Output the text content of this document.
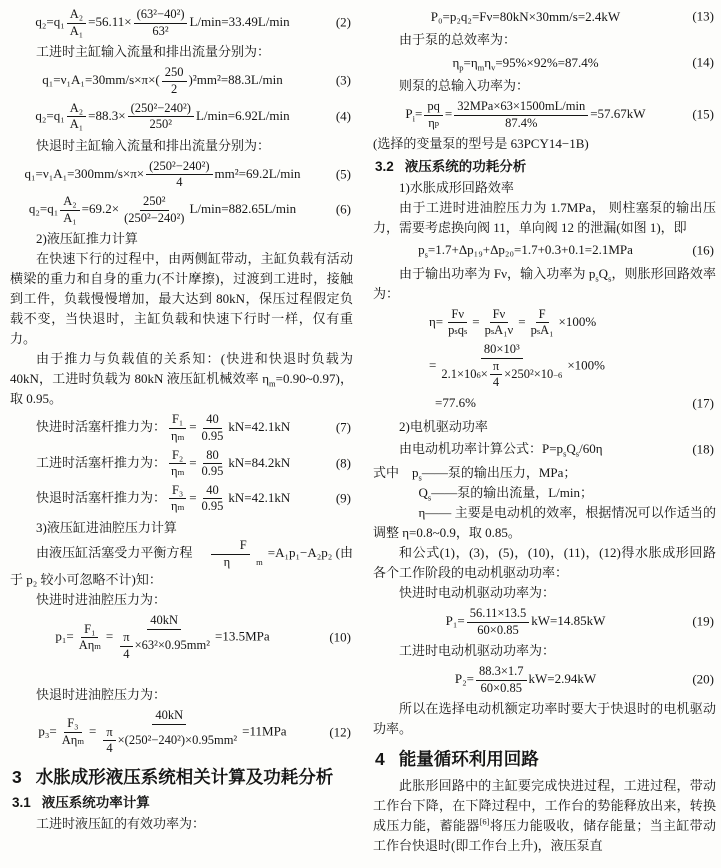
$q_2=q_1 \frac{\text{A₂}}{\text{A₁}} =56.11\times \frac{\text{(63²−40²)}}{\text{63²}} L/\min=33.49L/\min$	(2)
工进时主缸输入流量和排出流量分别为：
$q_1=\nu_1A_1=30mm/s\times\pi\times( \frac{250}{2} )^2mm^2=88.3L/\min$	(3)
$q_2=q_1 \frac{\text{A₂}}{\text{A₁}} =88.3\times \frac{\text{(250²−240²)}}{\text{250²}} L/\min=6.92L/\min$	(4)
快退时主缸输入流量和排出流量分别为：
$q_1=\nu_1A_1=300mm/s\times\pi\times \frac{\text{(250²−240²)}}{4} mm^2=69.2L/\min$	(5)
$q_2=q_1 \frac{\text{A₂}}{\text{A₁}} =69.2\times \frac{\text{250²}}{\text{(250²−240²)}} L/\min=882.65L/\min$	(6)
2)液压缸推力计算
在快速下行的过程中，由两侧缸带动，主缸负载有活动横梁的重力和自身的重力(不计摩擦)，过渡到工进时，接触到工件，负载慢慢增加，最大达到 80kN，保压过程假定负载不变，当快退时，主缸负载和快速下行时一样，仅有重力。
由于推力与负载值的关系知：(快进和快退时负载为 40kN，工进时负载为 80kN 液压缸机械效率 $\eta_m=0.90\sim 0.97$)，取 0.95。
快进时活塞杆推力为： $\frac{\text{F₁}}{\text{η m}} = \frac{40}{0.95} kN=42.1kN$	(7)
工进时活塞杆推力为： $\frac{\text{F₂}}{\text{η m}} = \frac{80}{0.95} kN=84.2kN$	(8)
快退时活塞杆推力为： $\frac{\text{F₃}}{\text{η m}} = \frac{40}{0.95} kN=42.1kN$	(9)
3)液压缸进油腔压力计算
由液压缸活塞受力平衡方程 F
η	m =A₁p₁−A₂p₂ (由于 p₂ 较小可忽略不计)知：
快进时进油腔压力为：
p₁=
F₁
Aη m
= $\frac{40kN}{\frac{\pi}{4} \times 63^2\times 0.95mm^2} =13.5MPa$	(10)
快退时进油腔压力为：
p₃=
F₃
Aη m
= $\frac{40kN}{\frac{\pi}{4} \times(250^2-240^2)\times 0.95mm^2} =11MPa$	(12)
3 水胀成形液压系统相关计算及功耗分析
3.1 液压系统功率计算
工进时液压缸的有效功率为：
P₀=p₂q₂=Fν=80kN×30mm/s=2.4kW	(13)
由于泵的总效率为：
$\eta_p=\eta_m\eta_v=95\%\times 92\%=87.4\%$	(14)
则泵的总输入功率为：
$P_i= \frac{pq}{\text{η p}}$ =
32MPa×63×1500mL/min
87.4%
=57.67kW	(15)
(选择的变量泵的型号是 63PCY14−1B)
3.2 液压系统的功耗分析
1)水胀成形回路效率
由于工进时进油腔压力为 1.7MPa， 则柱塞泵的输出压力，需要考虑换向阀 11，单向阀 12 的泄漏(如图 1)，即
$p_s=1.7+\Delta p_{19}+\Delta p_{20}=1.7+0.3+0.1=2.1MPa$	(16)
由于输出功率为 Fν，输入功率为 $p_sQ_s$，则胀形回路效率为：
η=
Fν
p s q s
=
Fν
p s A₁ν
=
F
p s A₁
×100%
= $\frac{\text{80×10³}}{2.1\times 10 6 \times \frac{\pi}{4} \times 250^2\times 10 -6} \times 100\%$
=77.6%	(17)
2)电机驱动功率
由电动机功率计算公式：$P=p_sQ_s/60\eta$	(18)
式中　$p_s——$泵的输出压力，MPa；
$Q_s——$泵的输出流量，L/min；
η—— 主要是电动机的效率，根据情况可以作适当的调整 η=0.8~0.9，取 0.85。
和公式(1)，(3)，(5)，(10)，(11)，(12)得水胀成形回路各个工作阶段的电动机驱动功率：
快进时电动机驱动功率为：
$P_1= \frac{56.11\times 13.5}{60\times 0.85} kW=14.85kW$	(19)
工进时电动机驱动功率为：
$P_2= \frac{88.3\times 1.7}{60\times 0.85} kW=2.94kW$	(20)
所以在选择电动机额定功率时要大于快退时的电机驱动功率。
4 能量循环利用回路
此胀形回路中的主缸要完成快进过程，工进过程，带动工作台下降，在下降过程中，工作台的势能释放出来，转换成压力能，蓄能器[6]将压力能吸收，储存能量；当主缸带动工作台快退时(即工作台上升)，液压泵直
